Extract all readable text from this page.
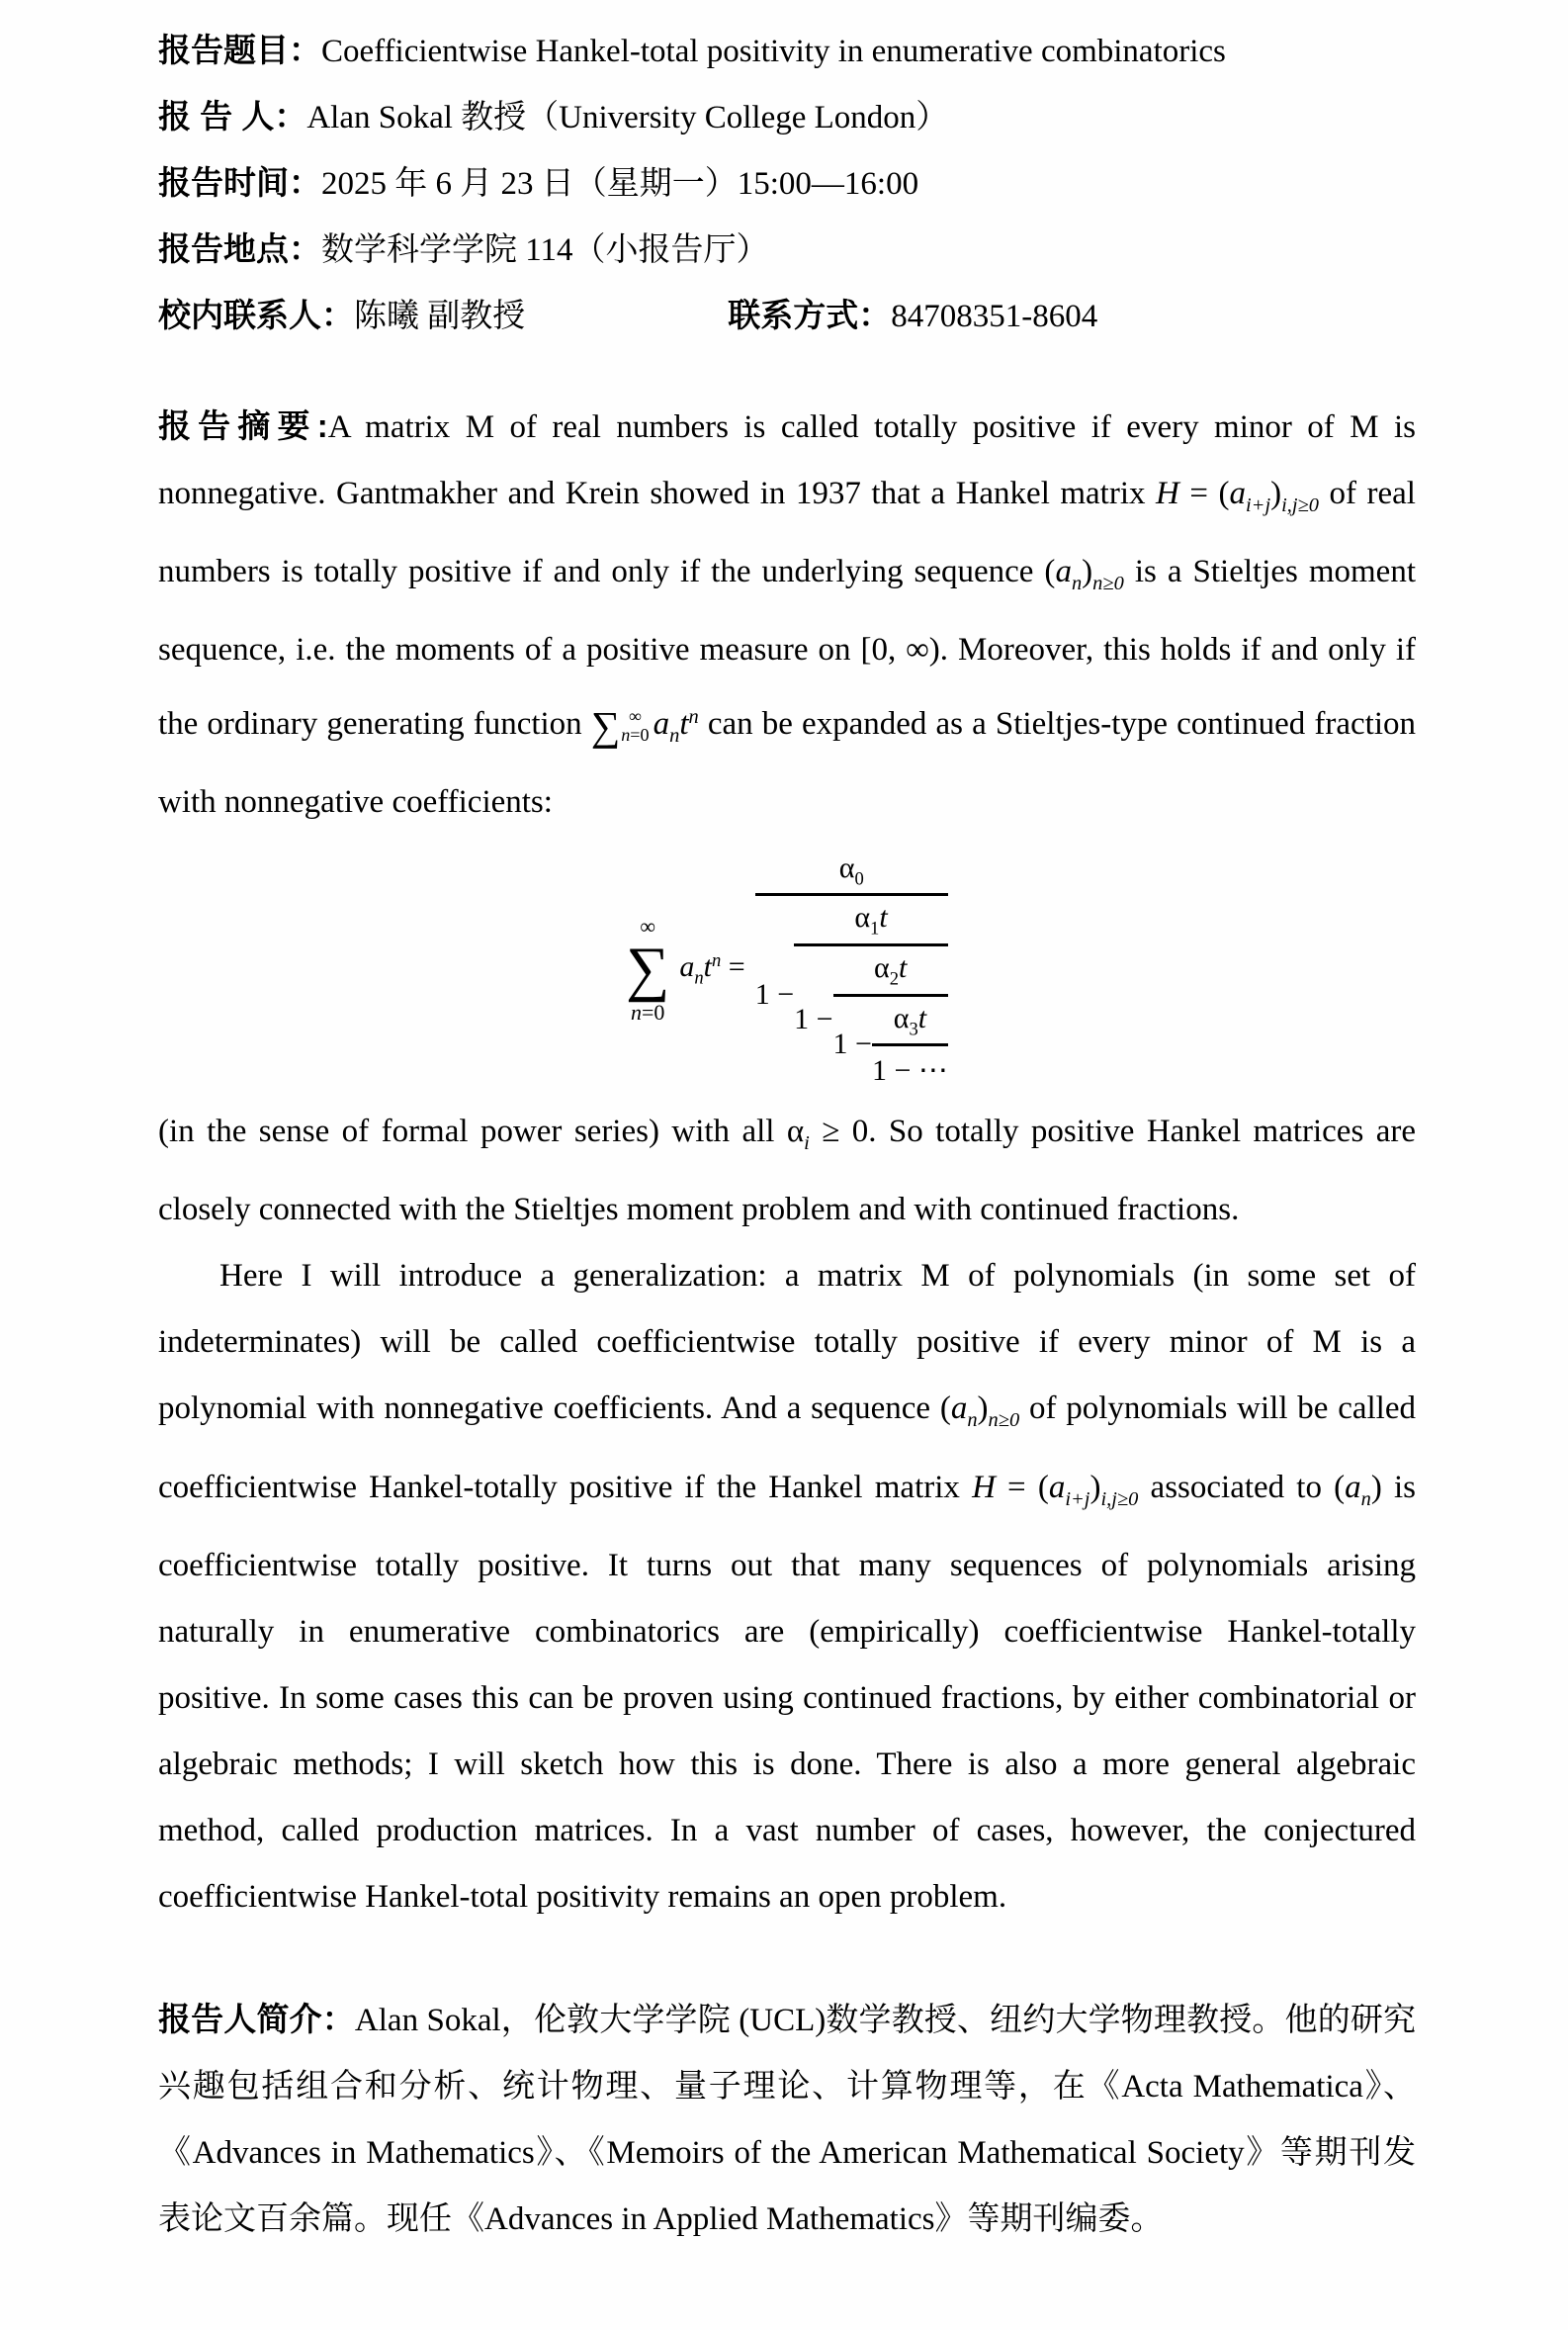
报告题目：Coefficientwise Hankel-total positivity in enumerative combinatorics
报 告 人：Alan Sokal 教授（University College London）
报告时间：2025 年 6 月 23 日（星期一）15:00—16:00
报告地点：数学科学学院 114（小报告厅）
校内联系人：陈曦 副教授	联系方式：84708351-8604

报告摘要:A matrix M of real numbers is called totally positive if every minor of M is nonnegative. Gantmakher and Krein showed in 1937 that a Hankel matrix $H = (a_{i+j})_{i,j\ge 0}$ of real numbers is totally positive if and only if the underlying sequence $(a_n)_{n\ge 0}$ is a Stieltjes moment sequence, i.e. the moments of a positive measure on [0, ∞). Moreover, this holds if and only if the ordinary generating function ∑ ∞
n=0 $a_nt^n$ can be expanded as a Stieltjes-type continued fraction with nonnegative coefficients:

∞
∑
n=0
$a_nt^n = \frac{\alpha_0}{1 - \frac{\alpha_1t}{1 - \frac{\alpha_2t}{1 - \frac{\alpha_3t}{1 - \cdots}}}}$

(in the sense of formal power series) with all $\alpha_i \ge 0$. So totally positive Hankel matrices are closely connected with the Stieltjes moment problem and with continued fractions.

Here I will introduce a generalization: a matrix M of polynomials (in some set of indeterminates) will be called coefficientwise totally positive if every minor of M is a polynomial with nonnegative coefficients. And a sequence $(a_n)_{n\ge 0}$ of polynomials will be called coefficientwise Hankel-totally positive if the Hankel matrix $H = (a_{i+j})_{i,j\ge 0}$ associated to $(a_n)$ is coefficientwise totally positive. It turns out that many sequences of polynomials arising naturally in enumerative combinatorics are (empirically) coefficientwise Hankel-totally positive. In some cases this can be proven using continued fractions, by either combinatorial or algebraic methods; I will sketch how this is done. There is also a more general algebraic method, called production matrices. In a vast number of cases, however, the conjectured coefficientwise Hankel-total positivity remains an open problem.

报告人简介：Alan Sokal，伦敦大学学院 (UCL)数学教授、纽约大学物理教授。他的研究兴趣包括组合和分析、统计物理、量子理论、计算物理等，在《Acta Mathematica》、《Advances in Mathematics》、《Memoirs of the American Mathematical Society》等期刊发表论文百余篇。现任《Advances in Applied Mathematics》等期刊编委。
